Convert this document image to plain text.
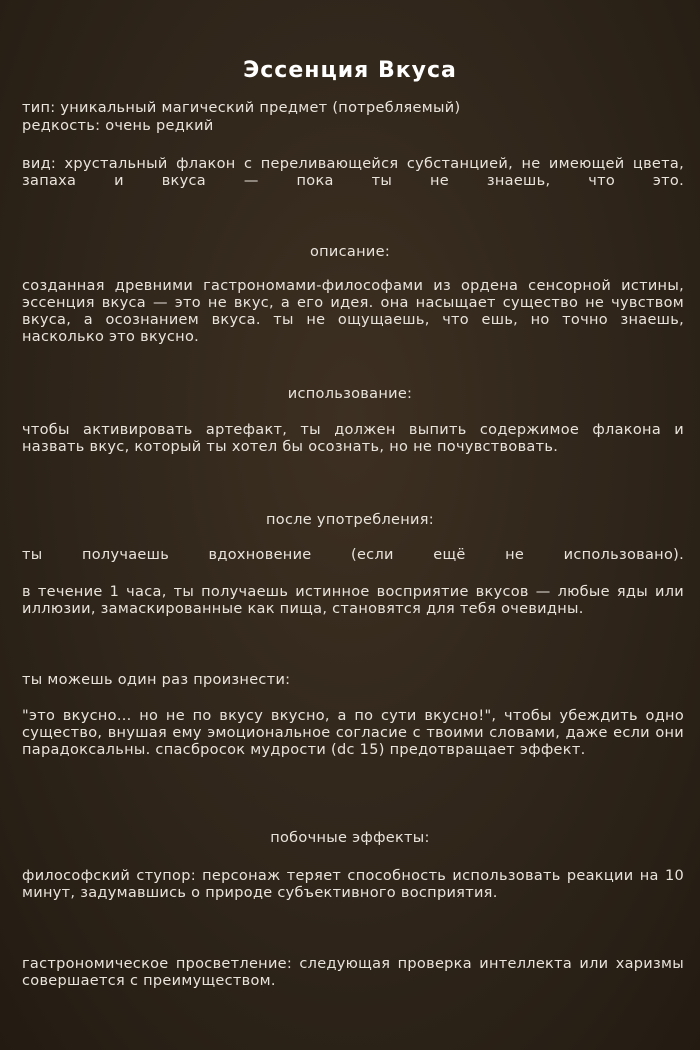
Эссенция Вкуса
тип: уникальный магический предмет (потребляемый)
редкость: очень редкий
вид: хрустальный флакон с переливающейся субстанцией, не имеющей цвета, запаха и вкуса — пока ты не знаешь, что это.
описание:
созданная древними гастрономами-философами из ордена сенсорной истины, эссенция вкуса — это не вкус, а его идея. она насыщает существо не чувством вкуса, а осознанием вкуса. ты не ощущаешь, что ешь, но точно знаешь, насколько это вкусно.
использование:
чтобы активировать артефакт, ты должен выпить содержимое флакона и назвать вкус, который ты хотел бы осознать, но не почувствовать.
после употребления:
ты получаешь вдохновение (если ещё не использовано).
в течение 1 часа, ты получаешь истинное восприятие вкусов — любые яды или иллюзии, замаскированные как пища, становятся для тебя очевидны.
ты можешь один раз произнести:
"это вкусно... но не по вкусу вкусно, а по сути вкусно!", чтобы убеждить одно существо, внушая ему эмоциональное согласие с твоими словами, даже если они парадоксальны. спасбросок мудрости (dc 15) предотвращает эффект.
побочные эффекты:
философский ступор: персонаж теряет способность использовать реакции на 10 минут, задумавшись о природе субъективного восприятия.
гастрономическое просветление: следующая проверка интеллекта или харизмы совершается с преимуществом.
